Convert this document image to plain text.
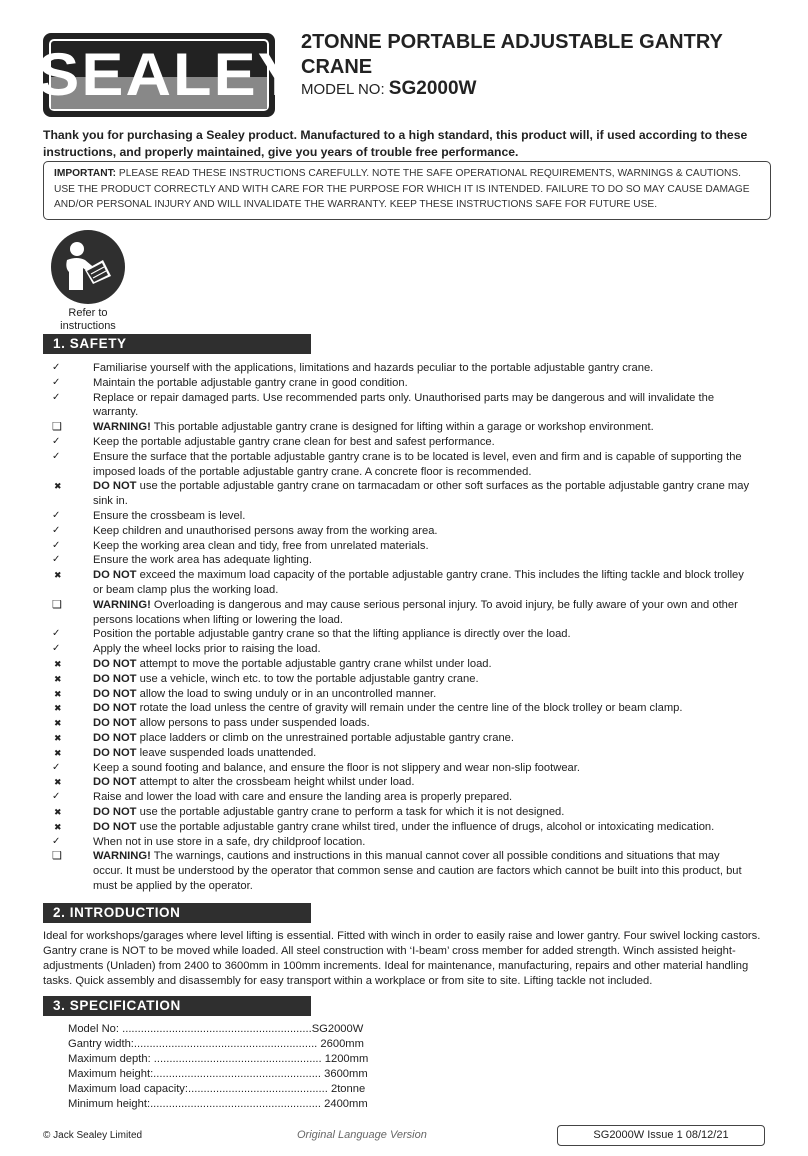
SEALEY 2TONNE PORTABLE ADJUSTABLE GANTRY CRANE
MODEL NO: SG2000W
Thank you for purchasing a Sealey product. Manufactured to a high standard, this product will, if used according to these instructions, and properly maintained, give you years of trouble free performance.
IMPORTANT: PLEASE READ THESE INSTRUCTIONS CAREFULLY. NOTE THE SAFE OPERATIONAL REQUIREMENTS, WARNINGS & CAUTIONS. USE THE PRODUCT CORRECTLY AND WITH CARE FOR THE PURPOSE FOR WHICH IT IS INTENDED. FAILURE TO DO SO MAY CAUSE DAMAGE AND/OR PERSONAL INJURY AND WILL INVALIDATE THE WARRANTY. KEEP THESE INSTRUCTIONS SAFE FOR FUTURE USE.
Refer to instructions
1. SAFETY
✓	Familiarise yourself with the applications, limitations and hazards peculiar to the portable adjustable gantry crane.
✓	Maintain the portable adjustable gantry crane in good condition.
✓	Replace or repair damaged parts. Use recommended parts only. Unauthorised parts may be dangerous and will invalidate the warranty.
❑	WARNING! This portable adjustable gantry crane is designed for lifting within a garage or workshop environment.
✓	Keep the portable adjustable gantry crane clean for best and safest performance.
✓	Ensure the surface that the portable adjustable gantry crane is to be located is level, even and firm and is capable of supporting the imposed loads of the portable adjustable gantry crane. A concrete floor is recommended.
✖	DO NOT use the portable adjustable gantry crane on tarmacadam or other soft surfaces as the portable adjustable gantry crane may sink in.
✓	Ensure the crossbeam is level.
✓	Keep children and unauthorised persons away from the working area.
✓	Keep the working area clean and tidy, free from unrelated materials.
✓	Ensure the work area has adequate lighting.
✖	DO NOT exceed the maximum load capacity of the portable adjustable gantry crane. This includes the lifting tackle and block trolley or beam clamp plus the working load.
❑	WARNING! Overloading is dangerous and may cause serious personal injury. To avoid injury, be fully aware of your own and other persons locations when lifting or lowering the load.
✓	Position the portable adjustable gantry crane so that the lifting appliance is directly over the load.
✓	Apply the wheel locks prior to raising the load.
✖	DO NOT attempt to move the portable adjustable gantry crane whilst under load.
✖	DO NOT use a vehicle, winch etc. to tow the portable adjustable gantry crane.
✖	DO NOT allow the load to swing unduly or in an uncontrolled manner.
✖	DO NOT rotate the load unless the centre of gravity will remain under the centre line of the block trolley or beam clamp.
✖	DO NOT allow persons to pass under suspended loads.
✖	DO NOT place ladders or climb on the unrestrained portable adjustable gantry crane.
✖	DO NOT leave suspended loads unattended.
✓	Keep a sound footing and balance, and ensure the floor is not slippery and wear non-slip footwear.
✖	DO NOT attempt to alter the crossbeam height whilst under load.
✓	Raise and lower the load with care and ensure the landing area is properly prepared.
✖	DO NOT use the portable adjustable gantry crane to perform a task for which it is not designed.
✖	DO NOT use the portable adjustable gantry crane whilst tired, under the influence of drugs, alcohol or intoxicating medication.
✓	When not in use store in a safe, dry childproof location.
❑	WARNING! The warnings, cautions and instructions in this manual cannot cover all possible conditions and situations that may occur. It must be understood by the operator that common sense and caution are factors which cannot be built into this product, but must be applied by the operator.
2. INTRODUCTION
Ideal for workshops/garages where level lifting is essential. Fitted with winch in order to easily raise and lower gantry. Four swivel locking castors. Gantry crane is NOT to be moved while loaded. All steel construction with ‘I-beam’ cross member for added strength. Winch assisted height-adjustments (Unladen) from 2400 to 3600mm in 100mm increments. Ideal for maintenance, manufacturing, repairs and other material handling tasks. Quick assembly and disassembly for easy transport within a workplace or from site to site. Lifting tackle not included.
3. SPECIFICATION
Model No: .............................................................SG2000W
Gantry width:........................................................... 2600mm
Maximum depth: ...................................................... 1200mm
Maximum height:...................................................... 3600mm
Maximum load capacity:............................................. 2tonne
Minimum height:....................................................... 2400mm
© Jack Sealey Limited	Original Language Version	SG2000W Issue 1 08/12/21
